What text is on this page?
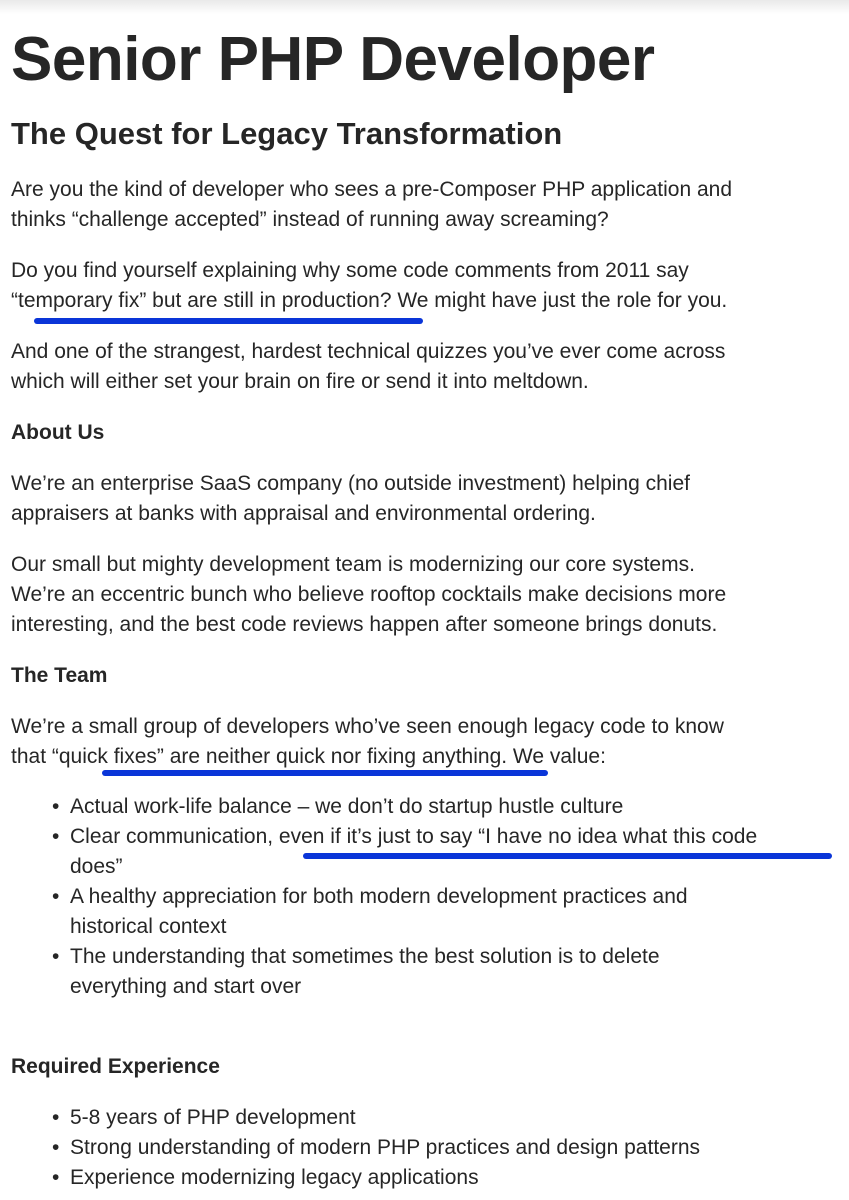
Senior PHP Developer
The Quest for Legacy Transformation

Are you the kind of developer who sees a pre-Composer PHP application and
thinks “challenge accepted” instead of running away screaming?

Do you find yourself explaining why some code comments from 2011 say
“temporary fix” but are still in production? We might have just the role for you.

And one of the strangest, hardest technical quizzes you’ve ever come across
which will either set your brain on fire or send it into meltdown.

About Us

We’re an enterprise SaaS company (no outside investment) helping chief
appraisers at banks with appraisal and environmental ordering.

Our small but mighty development team is modernizing our core systems.
We’re an eccentric bunch who believe rooftop cocktails make decisions more
interesting, and the best code reviews happen after someone brings donuts.

The Team

We’re a small group of developers who’ve seen enough legacy code to know
that “quick fixes” are neither quick nor fixing anything. We value:

• Actual work-life balance – we don’t do startup hustle culture
• Clear communication, even if it’s just to say “I have no idea what this code
does”
• A healthy appreciation for both modern development practices and
historical context
• The understanding that sometimes the best solution is to delete
everything and start over
Required Experience
• 5-8 years of PHP development
• Strong understanding of modern PHP practices and design patterns
• Experience modernizing legacy applications
